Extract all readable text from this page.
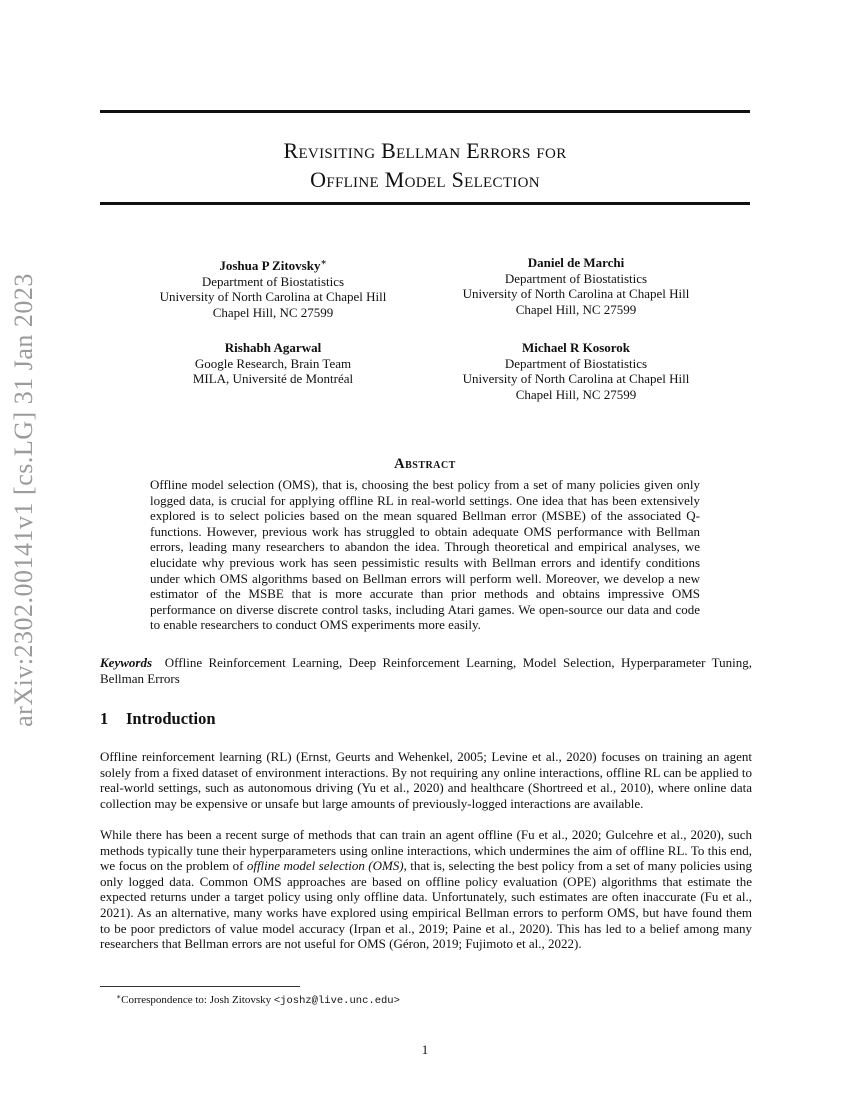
arXiv:2302.00141v1 [cs.LG] 31 Jan 2023
Revisiting Bellman Errors for
Offline Model Selection
Joshua P Zitovsky∗
Department of Biostatistics
University of North Carolina at Chapel Hill
Chapel Hill, NC 27599
Daniel de Marchi
Department of Biostatistics
University of North Carolina at Chapel Hill
Chapel Hill, NC 27599
Rishabh Agarwal
Google Research, Brain Team
MILA, Université de Montréal
Michael R Kosorok
Department of Biostatistics
University of North Carolina at Chapel Hill
Chapel Hill, NC 27599
Abstract
Offline model selection (OMS), that is, choosing the best policy from a set of many policies given only logged data, is crucial for applying offline RL in real-world settings. One idea that has been extensively explored is to select policies based on the mean squared Bellman error (MSBE) of the associated Q-functions. However, previous work has struggled to obtain adequate OMS performance with Bellman errors, leading many researchers to abandon the idea. Through theoretical and empirical analyses, we elucidate why previous work has seen pessimistic results with Bellman errors and identify conditions under which OMS algorithms based on Bellman errors will perform well. Moreover, we develop a new estimator of the MSBE that is more accurate than prior methods and obtains impressive OMS performance on diverse discrete control tasks, including Atari games. We open-source our data and code to enable researchers to conduct OMS experiments more easily.
Keywords Offline Reinforcement Learning, Deep Reinforcement Learning, Model Selection, Hyperparameter Tuning, Bellman Errors
1 Introduction

Offline reinforcement learning (RL) (Ernst, Geurts and Wehenkel, 2005; Levine et al., 2020) focuses on training an agent solely from a fixed dataset of environment interactions. By not requiring any online interactions, offline RL can be applied to real-world settings, such as autonomous driving (Yu et al., 2020) and healthcare (Shortreed et al., 2010), where online data collection may be expensive or unsafe but large amounts of previously-logged interactions are available.

While there has been a recent surge of methods that can train an agent offline (Fu et al., 2020; Gulcehre et al., 2020), such methods typically tune their hyperparameters using online interactions, which undermines the aim of offline RL. To this end, we focus on the problem of offline model selection (OMS), that is, selecting the best policy from a set of many policies using only logged data. Common OMS approaches are based on offline policy evaluation (OPE) algorithms that estimate the expected returns under a target policy using only offline data. Unfortunately, such estimates are often inaccurate (Fu et al., 2021). As an alternative, many works have explored using empirical Bellman errors to perform OMS, but have found them to be poor predictors of value model accuracy (Irpan et al., 2019; Paine et al., 2020). This has led to a belief among many researchers that Bellman errors are not useful for OMS (Géron, 2019; Fujimoto et al., 2022).

∗Correspondence to: Josh Zitovsky <joshz@live.unc.edu>
1
